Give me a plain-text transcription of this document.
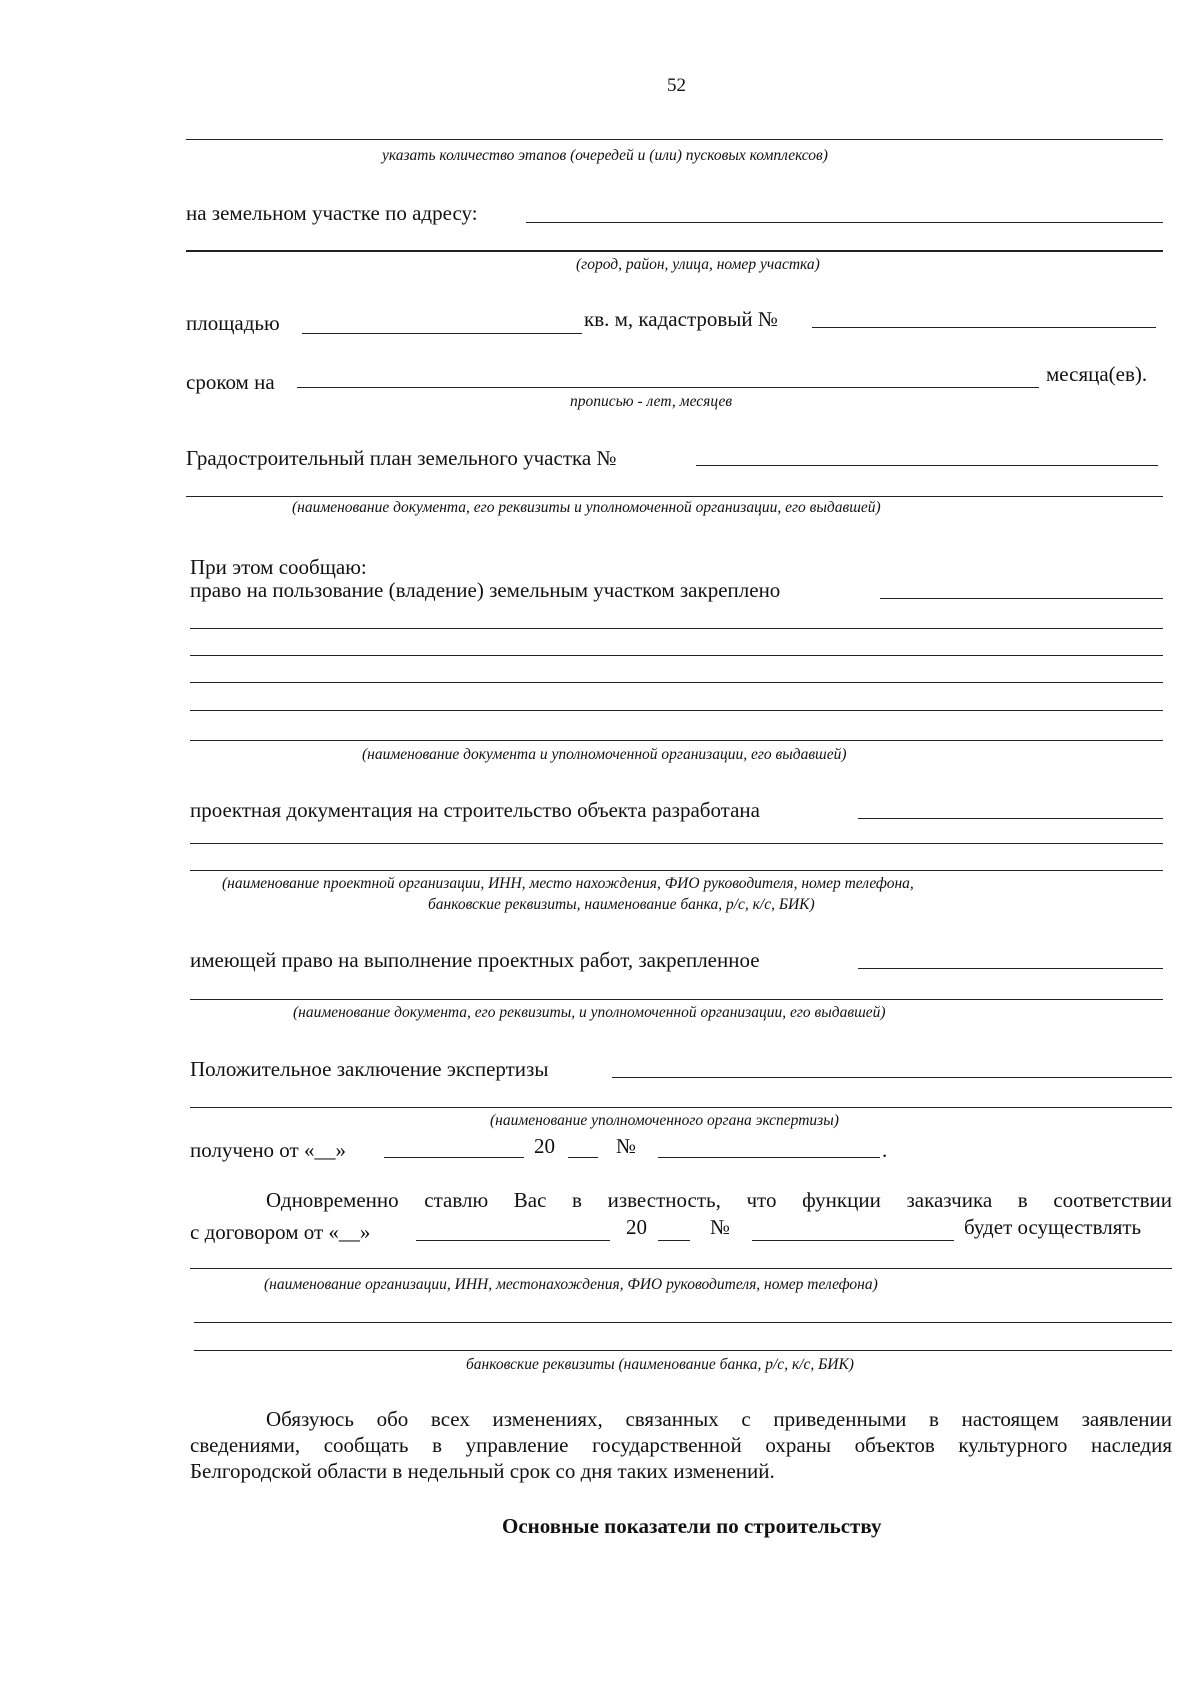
52
указать количество этапов (очередей и (или) пусковых комплексов)
на земельном участке по адресу:
(город, район, улица, номер участка)
площадью	кв. м, кадастровый №
сроком на	месяца(ев).
прописью - лет, месяцев
Градостроительный план земельного участка №
(наименование документа, его реквизиты и уполномоченной организации, его выдавшей)
При этом сообщаю:
право на пользование (владение) земельным участком закреплено
(наименование документа и уполномоченной организации, его выдавшей)
проектная документация на строительство объекта разработана
(наименование проектной организации, ИНН, место нахождения, ФИО руководителя, номер телефона,
банковские реквизиты, наименование банка, р/с, к/с, БИК)
имеющей право на выполнение проектных работ, закрепленное
(наименование документа, его реквизиты, и уполномоченной организации, его выдавшей)
Положительное заключение экспертизы
(наименование уполномоченного органа экспертизы)
получено от «__»	20	№	.
Одновременно ставлю Вас в известность, что функции заказчика в соответствии
с договором от «__»	20	№	будет осуществлять
(наименование организации, ИНН, местонахождения, ФИО руководителя, номер телефона)
банковские реквизиты (наименование банка, р/с, к/с, БИК)
Обязуюсь обо всех изменениях, связанных с приведенными в настоящем заявлении
сведениями, сообщать в управление государственной охраны объектов культурного наследия
Белгородской области в недельный срок со дня таких изменений.
Основные показатели по строительству
